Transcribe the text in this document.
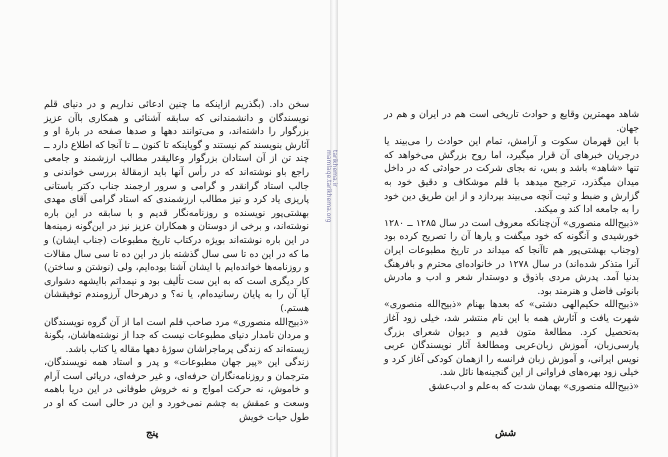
سخن داد. (بگذریم ازاینکه ما چنین ادعائی نداریم و در دنیای قلم نویسندگان و دانشمندانی که سابقه آشنائی و همکاری باآن عزیز بزرگوار را داشته‌اند، و می‌توانند دهها و صدها صفحه در بارهٔ او و آثارش بنویسند کم نیستند و گویاینکه تا کنون ــ تا آنجا که اطلاع دارد ــ چند تن از آن استادان بزرگوار وعالیقدر مطالب ارزشمند و جامعی راجع باو نوشته‌اند که در رأس آنها باید ازمقالهٔ بررسی خواندنی و جالب استاد گرانقدر و گرامی و سرور ارجمند جناب دکتر باستانی پاریزی یاد کرد و نیز مطالب ارزشمندی که استاد گرامی آقای مهدی بهشتی‌پور نویسنده و روزنامه‌نگار قدیم و با سابقه در این باره نوشته‌اند، و برخی از دوستان و همکاران عزیز نیز در این‌گونه زمینه‌ها در این باره نوشته‌اند بویژه درکتاب تاریخ مطبوعات (جناب ایشان) و ما که در این ده تا سی سال گذشته باز در این ده تا سی سال مقالات و روزنامه‌ها خوانده‌ایم با ایشان آشنا بوده‌ایم، ولی (نوشتن و ساختن) کار دیگری است که به این ست تألیف بود و نیمداتم باایشهه دشواری آیا آن را به پایان رسانیده‌ام، یا نه؟ و درهرحال آرزومندم توفیقشان هستم.)

«ذبیح‌الله منصوری» مرد صاحب قلم است اما از آن گروه نویسندگان و مردان نامدار دنیای مطبوعات نیست که جدا از نوشته‌هاشان، بگونهٔ زیسته‌اند که زندگی پرماجراشان سوژهٔ دهها مقاله یا کتاب باشد.

زندگی این «پیر جهان مطبوعات» و پدر و استاد همه نویسندگان، مترجمان و روزنامه‌نگاران حرفه‌ای، و غیر حرفه‌ای، دریائی است آرام و خاموش، نه حرکت امواج و نه خروش طوفانی در این دریا باهمه وسعت و عمقش به چشم نمی‌خورد و این در حالی است که او در طول حیات خویش

پنج
tarikhema.ir
mamlaqe.tarikhema.org

شاهد مهمترین وقایع و حوادث تاریخی است هم در ایران و هم در جهان.

با این قهرمان سکوت و آرامش، تمام این حوادث را می‌بیند یا درجریان خبرهای آن قرار میگیرد، اما روح بزرگش می‌خواهد که تنها «شاهد» باشد و بس، نه بجای شرکت در حوادثی که در داخل میدان میگذرد، ترجیح میدهد با قلم موشکاف و دقیق خود به گزارش و ضبط و ثبت آنچه می‌بیند بپردازد و از این طریق دین خود را به جامعه ادا کند و میکند.

«ذبیح‌الله منصوری» آن‌چنانکه معروف است در سال ۱۲۸۵ ــ ۱۲۸۰ خورشیدی و آنگونه که خود میگفت و یارها آن را تصریح کرده بود (وجناب بهشتی‌پور هم تاآنجا که میداند در تاریخ مطبوعات ایران آنرا متذکر شده‌اند) در سال ۱۲۷۸ در خانواده‌ای محترم و بافرهنگ بدنیا آمد. پدرش مردی باذوق و دوستدار شعر و ادب و مادرش بانوئی فاضل و هنرمند بود.

«ذبیح‌الله حکیم‌الهی دشتی» که بعدها بهنام «ذبیح‌الله منصوری» شهرت یافت و آثارش همه با این نام منتشر شد، خیلی زود آغاز به‌تحصیل کرد. مطالعهٔ متون قدیم و دیوان شعرای بزرگ پارسی‌زبان، آموزش زبان‌عربی ومطالعهٔ آثار نویسندگان عربی نویس ایرانی، و آموزش زبان فرانسه را ازهمان کودکی آغاز کرد و خیلی زود بهره‌های فراوانی از این گنجینه‌ها نائل شد.

«ذبیح‌الله منصوری» بهمان شدت که به‌علم و ادب‌عشق

شش
